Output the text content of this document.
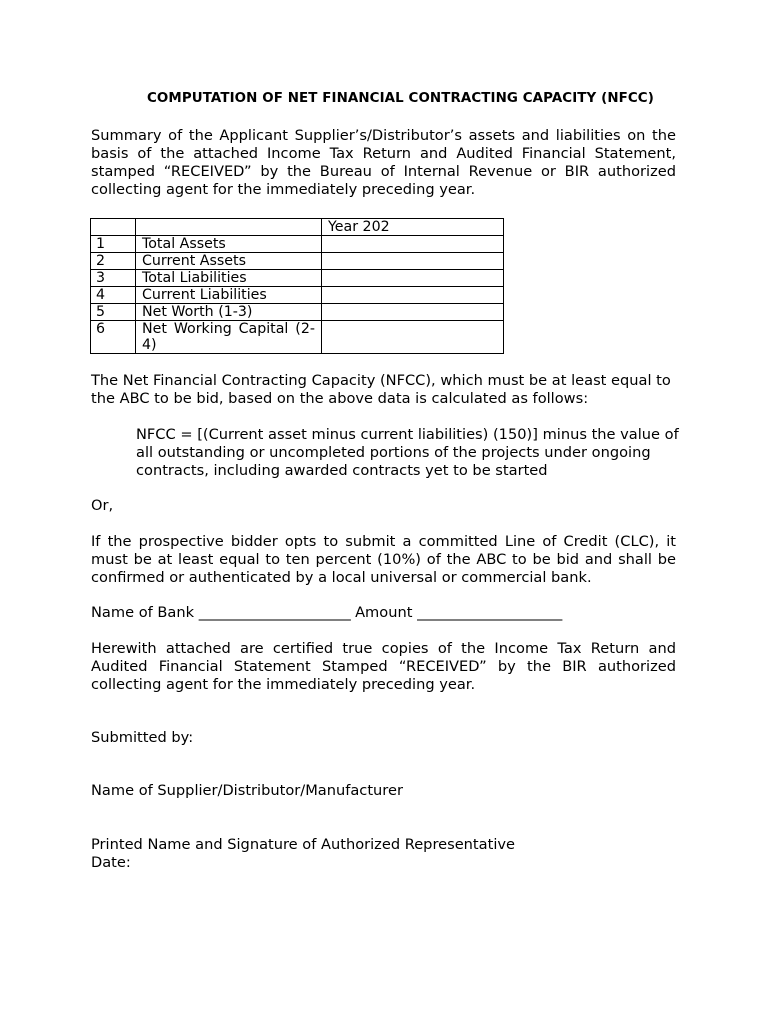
COMPUTATION OF NET FINANCIAL CONTRACTING CAPACITY (NFCC)
Summary of the Applicant Supplier’s/Distributor’s assets and liabilities on the basis of the attached Income Tax Return and Audited Financial Statement, stamped “RECEIVED” by the Bureau of Internal Revenue or BIR authorized collecting agent for the immediately preceding year.
		Year 202
1	Total Assets	
2	Current Assets	
3	Total Liabilities	
4	Current Liabilities	
5	Net Worth (1-3)	
6	Net Working Capital (2-4)	
The Net Financial Contracting Capacity (NFCC), which must be at least equal to the ABC to be bid, based on the above data is calculated as follows:
NFCC = [(Current asset minus current liabilities) (150)] minus the value of all outstanding or uncompleted portions of the projects under ongoing contracts, including awarded contracts yet to be started
Or,
If the prospective bidder opts to submit a committed Line of Credit (CLC), it must be at least equal to ten percent (10%) of the ABC to be bid and shall be confirmed or authenticated by a local universal or commercial bank.
Name of Bank ______________________ Amount _____________________
Herewith attached are certified true copies of the Income Tax Return and Audited Financial Statement Stamped “RECEIVED” by the BIR authorized collecting agent for the immediately preceding year.
Submitted by:
Name of Supplier/Distributor/Manufacturer
Printed Name and Signature of Authorized Representative
Date:
